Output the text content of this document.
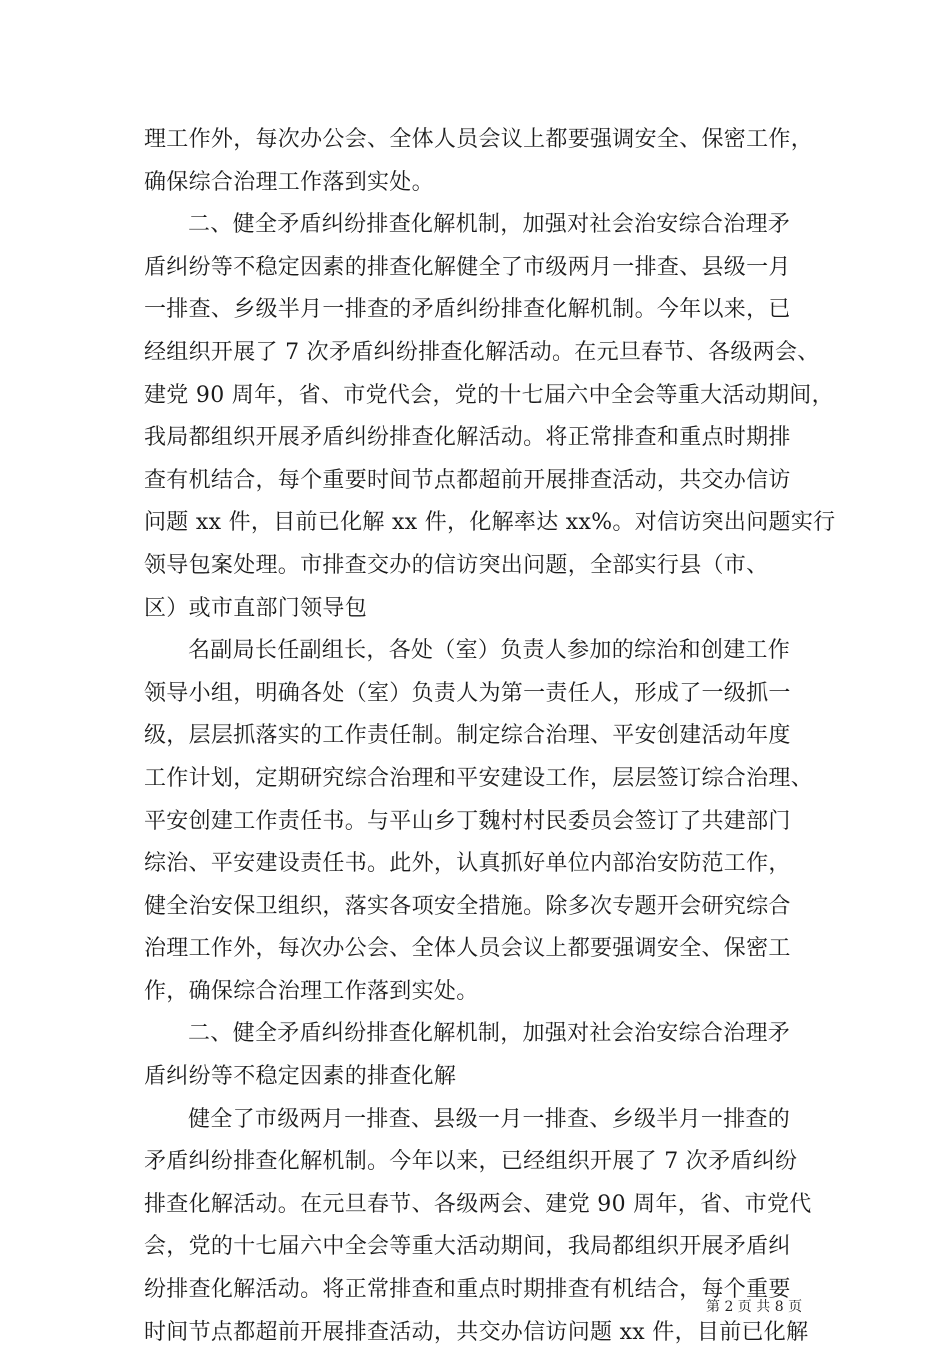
理工作外，每次办公会、全体人员会议上都要强调安全、保密工作，
确保综合治理工作落到实处。
二、健全矛盾纠纷排查化解机制，加强对社会治安综合治理矛
盾纠纷等不稳定因素的排查化解健全了市级两月一排查、县级一月
一排查、乡级半月一排查的矛盾纠纷排查化解机制。今年以来，已
经组织开展了 7 次矛盾纠纷排查化解活动。在元旦春节、各级两会、
建党 90 周年，省、市党代会，党的十七届六中全会等重大活动期间，
我局都组织开展矛盾纠纷排查化解活动。将正常排查和重点时期排
查有机结合，每个重要时间节点都超前开展排查活动，共交办信访
问题 xx 件，目前已化解 xx 件，化解率达 xx%。对信访突出问题实行
领导包案处理。市排查交办的信访突出问题，全部实行县（市、
区）或市直部门领导包
名副局长任副组长，各处（室）负责人参加的综治和创建工作
领导小组，明确各处（室）负责人为第一责任人，形成了一级抓一
级，层层抓落实的工作责任制。制定综合治理、平安创建活动年度
工作计划，定期研究综合治理和平安建设工作，层层签订综合治理、
平安创建工作责任书。与平山乡丁魏村村民委员会签订了共建部门
综治、平安建设责任书。此外，认真抓好单位内部治安防范工作，
健全治安保卫组织，落实各项安全措施。除多次专题开会研究综合
治理工作外，每次办公会、全体人员会议上都要强调安全、保密工
作，确保综合治理工作落到实处。
二、健全矛盾纠纷排查化解机制，加强对社会治安综合治理矛
盾纠纷等不稳定因素的排查化解
健全了市级两月一排查、县级一月一排查、乡级半月一排查的
矛盾纠纷排查化解机制。今年以来，已经组织开展了 7 次矛盾纠纷
排查化解活动。在元旦春节、各级两会、建党 90 周年，省、市党代
会，党的十七届六中全会等重大活动期间，我局都组织开展矛盾纠
纷排查化解活动。将正常排查和重点时期排查有机结合，每个重要
时间节点都超前开展排查活动，共交办信访问题 xx 件，目前已化解
第 2 页 共 8 页
